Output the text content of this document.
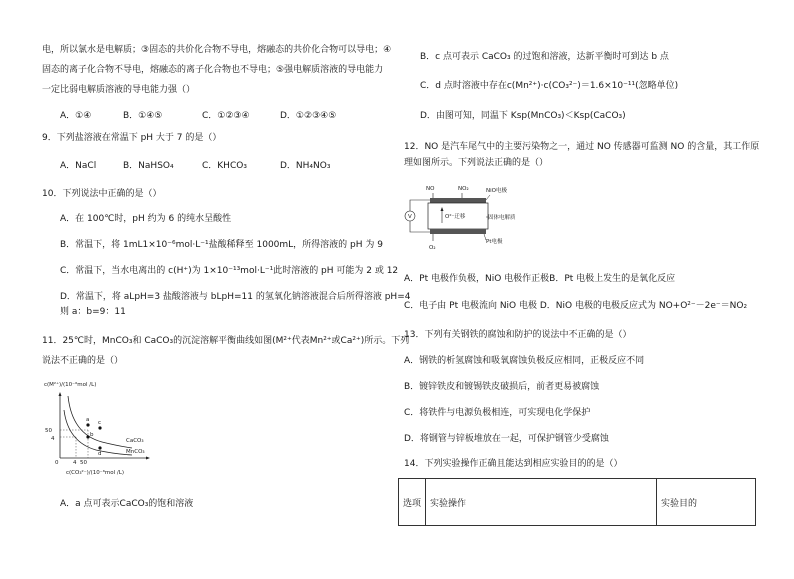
电，所以氯水是电解质；③固态的共价化合物不导电，熔融态的共价化合物可以导电；④
固态的离子化合物不导电，熔融态的离子化合物也不导电；⑤强电解质溶液的导电能力
一定比弱电解质溶液的导电能力强（）
A．①④	B．①④⑤	C．①②③④	D．①②③④⑤
9．下列盐溶液在常温下 pH 大于 7 的是（）
A．NaCl	B．NaHSO₄	C．KHCO₃	D．NH₄NO₃
10．下列说法中正确的是（）
A．在 100℃时，pH 约为 6 的纯水呈酸性
B．常温下，将 1mL1×10⁻⁶mol·L⁻¹盐酸稀释至 1000mL，所得溶液的 pH 为 9
C．常温下，当水电离出的 c(H⁺)为 1×10⁻¹³mol·L⁻¹此时溶液的 pH 可能为 2 或 12
D．常温下，将 aLpH=3 盐酸溶液与 bLpH=11 的氢氧化钠溶液混合后所得溶液 pH=4
则 a：b=9：11
11．25℃时，MnCO₃和 CaCO₃的沉淀溶解平衡曲线如图(M²⁺代表Mn²⁺或Ca²⁺)所示。下列
说法不正确的是（）
A．a 点可表示CaCO₃的饱和溶液
c(M²⁺)/(10⁻⁶mol /L)
50
4
0	4 50
a c
b
d
CaCO₃
MnCO₃
c(CO₃²⁻)/(10⁻⁶mol /L)
B．c 点可表示 CaCO₃ 的过饱和溶液，达新平衡时可到达 b 点
C．d 点时溶液中存在c(Mn²⁺)·c(CO₃²⁻)＝1.6×10⁻¹¹(忽略单位)
D．由图可知，同温下 Ksp(MnCO₃)＜Ksp(CaCO₃)
12．NO 是汽车尾气中的主要污染物之一，通过 NO 传感器可监测 NO 的含量，其工作原
理如图所示。下列说法正确的是（）
A．Pt 电极作负极，NiO 电极作正极B．Pt 电极上发生的是氧化反应
C．电子由 Pt 电极流向 NiO 电极 D．NiO 电极的电极反应式为 NO+O²⁻－2e⁻＝NO₂
13．下列有关钢铁的腐蚀和防护的说法中不正确的是（）
A．钢铁的析氢腐蚀和吸氧腐蚀负极反应相同，正极反应不同
B．镀锌铁皮和镀锡铁皮破损后，前者更易被腐蚀
C．将铁件与电源负极相连，可实现电化学保护
D．将钢管与锌板堆放在一起，可保护钢管少受腐蚀
14．下列实验操作正确且能达到相应实验目的的是（）
NO	NO₂	NiO电极
O²⁻迁移	固体电解质
Pt电极
O₂
V
选项	实验操作	实验目的
